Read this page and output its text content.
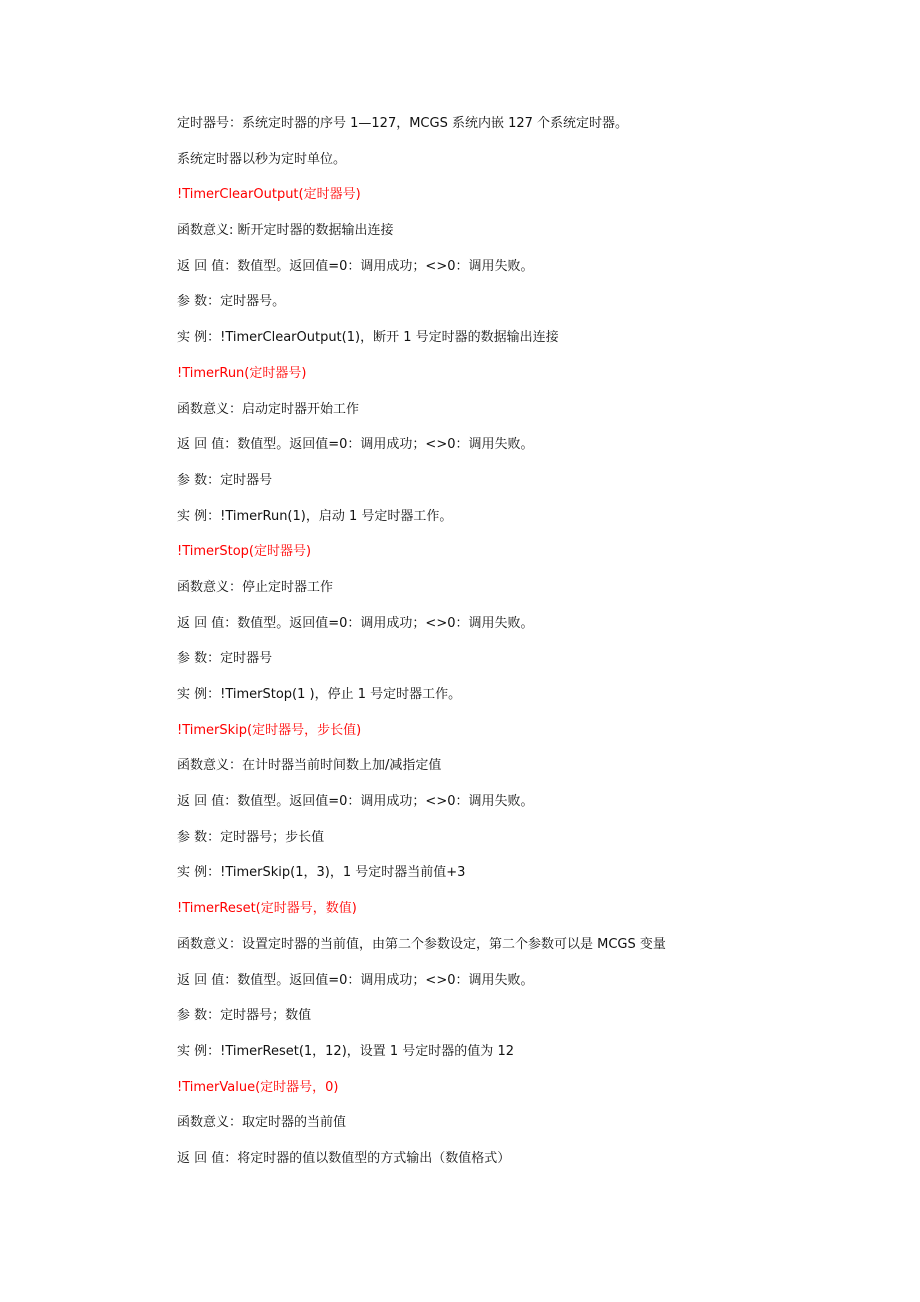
定时器号：系统定时器的序号 1—127，MCGS 系统内嵌 127 个系统定时器。
系统定时器以秒为定时单位。
!TimerClearOutput(定时器号)
函数意义: 断开定时器的数据输出连接
返 回 值：数值型。返回值=0：调用成功；<>0：调用失败。
参 数：定时器号。
实 例：!TimerClearOutput(1)，断开 1 号定时器的数据输出连接
!TimerRun(定时器号)
函数意义：启动定时器开始工作
返 回 值：数值型。返回值=0：调用成功；<>0：调用失败。
参 数：定时器号
实 例：!TimerRun(1)，启动 1 号定时器工作。
!TimerStop(定时器号)
函数意义：停止定时器工作
返 回 值：数值型。返回值=0：调用成功；<>0：调用失败。
参 数：定时器号
实 例：!TimerStop(1 )，停止 1 号定时器工作。
!TimerSkip(定时器号，步长值)
函数意义：在计时器当前时间数上加/减指定值
返 回 值：数值型。返回值=0：调用成功；<>0：调用失败。
参 数：定时器号；步长值
实 例：!TimerSkip(1，3)，1 号定时器当前值+3
!TimerReset(定时器号，数值)
函数意义：设置定时器的当前值，由第二个参数设定，第二个参数可以是 MCGS 变量
返 回 值：数值型。返回值=0：调用成功；<>0：调用失败。
参 数：定时器号；数值
实 例：!TimerReset(1，12)，设置 1 号定时器的值为 12
!TimerValue(定时器号，0)
函数意义：取定时器的当前值
返 回 值：将定时器的值以数值型的方式输出（数值格式）
